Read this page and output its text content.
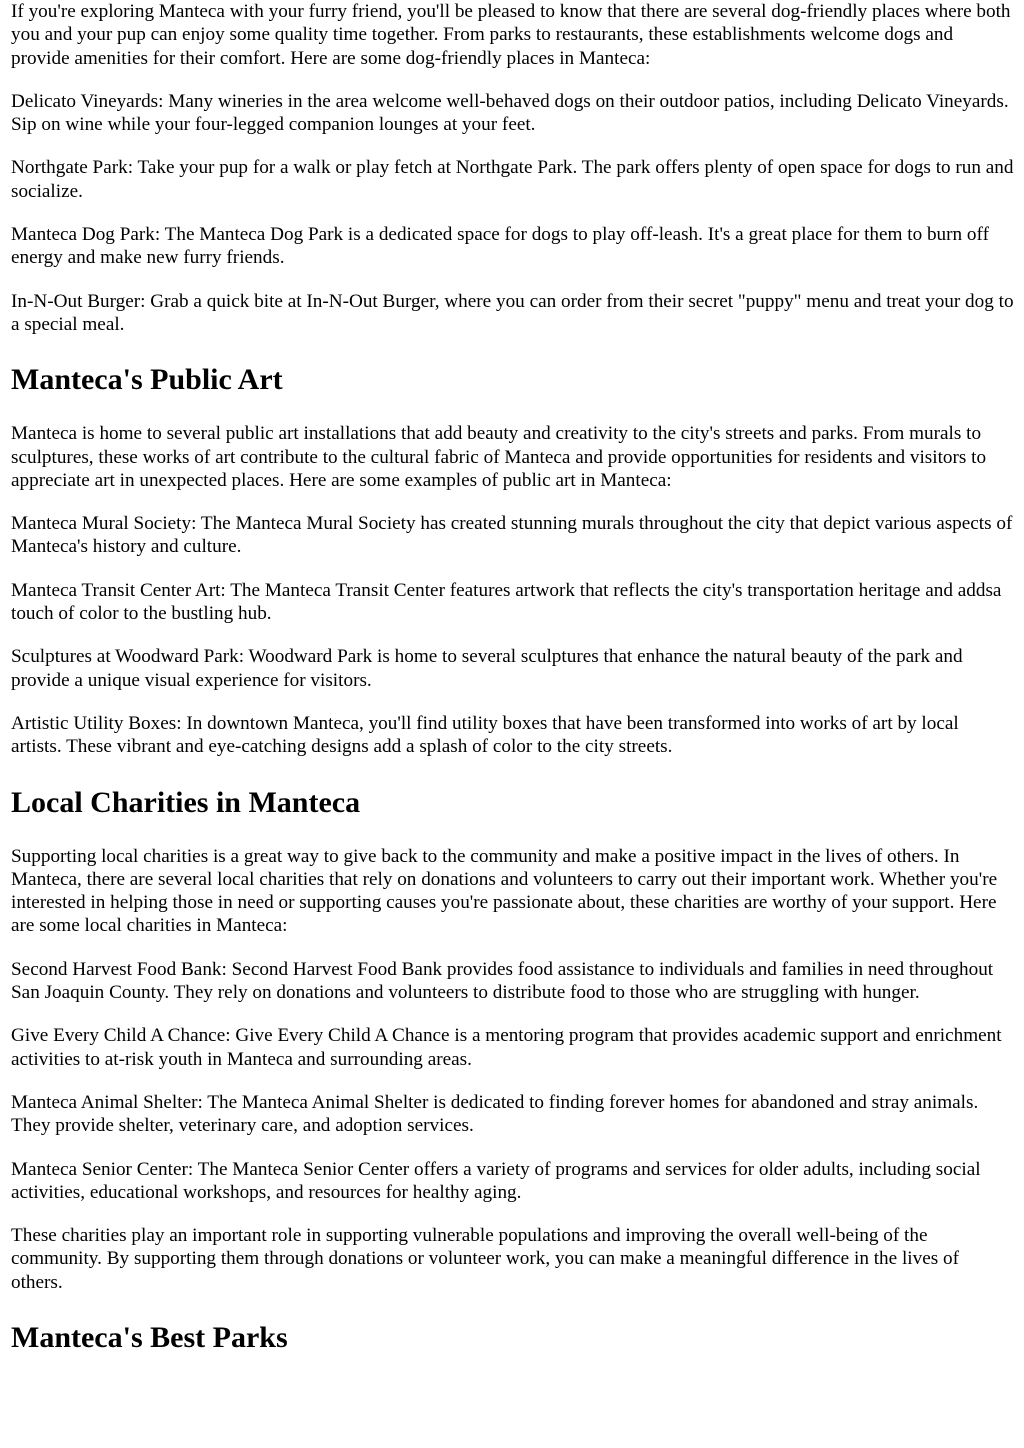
If you're exploring Manteca with your furry friend, you'll be pleased to know that there are several dog-friendly places where both you and your pup can enjoy some quality time together. From parks to restaurants, these establishments welcome dogs and provide amenities for their comfort. Here are some dog-friendly places in Manteca:

Delicato Vineyards: Many wineries in the area welcome well-behaved dogs on their outdoor patios, including Delicato Vineyards. Sip on wine while your four-legged companion lounges at your feet.

Northgate Park: Take your pup for a walk or play fetch at Northgate Park. The park offers plenty of open space for dogs to run and socialize.

Manteca Dog Park: The Manteca Dog Park is a dedicated space for dogs to play off-leash. It's a great place for them to burn off energy and make new furry friends.

In-N-Out Burger: Grab a quick bite at In-N-Out Burger, where you can order from their secret "puppy" menu and treat your dog to a special meal.

Manteca's Public Art

Manteca is home to several public art installations that add beauty and creativity to the city's streets and parks. From murals to sculptures, these works of art contribute to the cultural fabric of Manteca and provide opportunities for residents and visitors to appreciate art in unexpected places. Here are some examples of public art in Manteca:

Manteca Mural Society: The Manteca Mural Society has created stunning murals throughout the city that depict various aspects of Manteca's history and culture.

Manteca Transit Center Art: The Manteca Transit Center features artwork that reflects the city's transportation heritage and addsa touch of color to the bustling hub.

Sculptures at Woodward Park: Woodward Park is home to several sculptures that enhance the natural beauty of the park and provide a unique visual experience for visitors.

Artistic Utility Boxes: In downtown Manteca, you'll find utility boxes that have been transformed into works of art by local artists. These vibrant and eye-catching designs add a splash of color to the city streets.

Local Charities in Manteca

Supporting local charities is a great way to give back to the community and make a positive impact in the lives of others. In Manteca, there are several local charities that rely on donations and volunteers to carry out their important work. Whether you're interested in helping those in need or supporting causes you're passionate about, these charities are worthy of your support. Here are some local charities in Manteca:

Second Harvest Food Bank: Second Harvest Food Bank provides food assistance to individuals and families in need throughout San Joaquin County. They rely on donations and volunteers to distribute food to those who are struggling with hunger.

Give Every Child A Chance: Give Every Child A Chance is a mentoring program that provides academic support and enrichment activities to at-risk youth in Manteca and surrounding areas.

Manteca Animal Shelter: The Manteca Animal Shelter is dedicated to finding forever homes for abandoned and stray animals. They provide shelter, veterinary care, and adoption services.

Manteca Senior Center: The Manteca Senior Center offers a variety of programs and services for older adults, including social activities, educational workshops, and resources for healthy aging.

These charities play an important role in supporting vulnerable populations and improving the overall well-being of the community. By supporting them through donations or volunteer work, you can make a meaningful difference in the lives of others.

Manteca's Best Parks
